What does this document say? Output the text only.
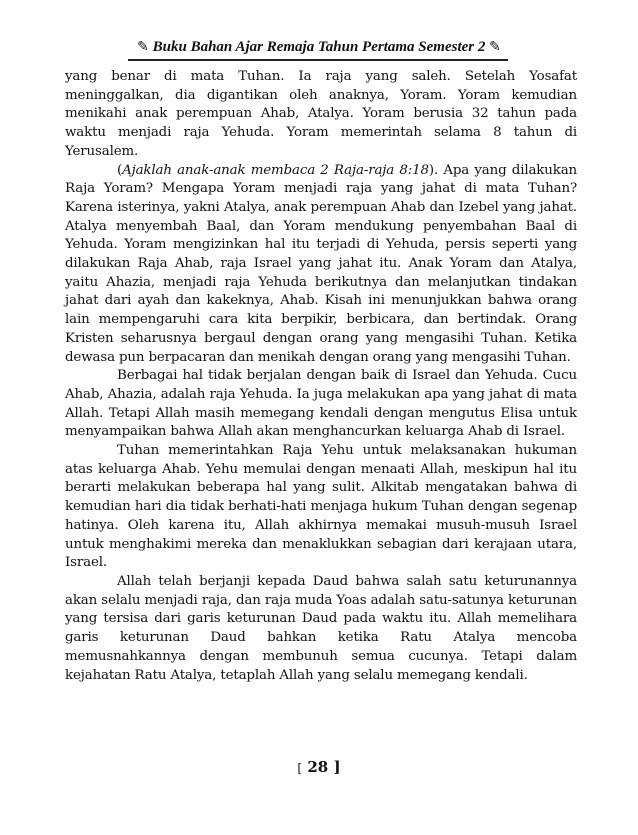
✎ Buku Bahan Ajar Remaja Tahun Pertama Semester 2 ✎

yang benar di mata Tuhan. Ia raja yang saleh. Setelah Yosafat meninggalkan, dia digantikan oleh anaknya, Yoram. Yoram kemudian menikahi anak perempuan Ahab, Atalya. Yoram berusia 32 tahun pada waktu menjadi raja Yehuda. Yoram memerintah selama 8 tahun di Yerusalem.

(Ajaklah anak-anak membaca 2 Raja-raja 8:18). Apa yang dilakukan Raja Yoram? Mengapa Yoram menjadi raja yang jahat di mata Tuhan? Karena isterinya, yakni Atalya, anak perempuan Ahab dan Izebel yang jahat. Atalya menyembah Baal, dan Yoram mendukung penyembahan Baal di Yehuda. Yoram mengizinkan hal itu terjadi di Yehuda, persis seperti yang dilakukan Raja Ahab, raja Israel yang jahat itu. Anak Yoram dan Atalya, yaitu Ahazia, menjadi raja Yehuda berikutnya dan melanjutkan tindakan jahat dari ayah dan kakeknya, Ahab. Kisah ini menunjukkan bahwa orang lain mempengaruhi cara kita berpikir, berbicara, dan bertindak. Orang Kristen seharusnya bergaul dengan orang yang mengasihi Tuhan. Ketika dewasa pun berpacaran dan menikah dengan orang yang mengasihi Tuhan.

Berbagai hal tidak berjalan dengan baik di Israel dan Yehuda. Cucu Ahab, Ahazia, adalah raja Yehuda. Ia juga melakukan apa yang jahat di mata Allah. Tetapi Allah masih memegang kendali dengan mengutus Elisa untuk menyampaikan bahwa Allah akan menghancurkan keluarga Ahab di Israel.

Tuhan memerintahkan Raja Yehu untuk melaksanakan hukuman atas keluarga Ahab. Yehu memulai dengan menaati Allah, meskipun hal itu berarti melakukan beberapa hal yang sulit. Alkitab mengatakan bahwa di kemudian hari dia tidak berhati-hati menjaga hukum Tuhan dengan segenap hatinya. Oleh karena itu, Allah akhirnya memakai musuh-musuh Israel untuk menghakimi mereka dan menaklukkan sebagian dari kerajaan utara, Israel.

Allah telah berjanji kepada Daud bahwa salah satu keturunannya akan selalu menjadi raja, dan raja muda Yoas adalah satu-satunya keturunan yang tersisa dari garis keturunan Daud pada waktu itu. Allah memelihara garis keturunan Daud bahkan ketika Ratu Atalya mencoba memusnahkannya dengan membunuh semua cucunya. Tetapi dalam kejahatan Ratu Atalya, tetaplah Allah yang selalu memegang kendali.

[ 28 ]
